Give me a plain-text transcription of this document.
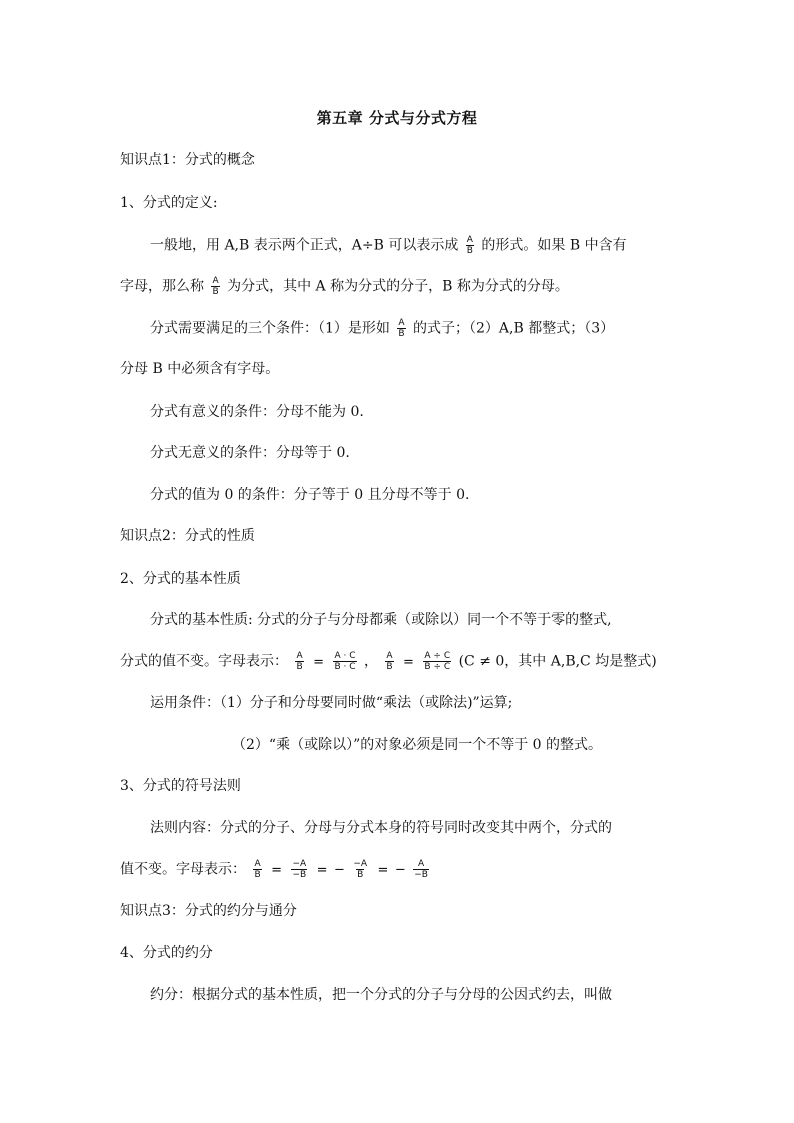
第五章 分式与分式方程
知识点1：分式的概念
1、分式的定义:
一般地，用 A,B 表示两个正式，A÷B 可以表示成 $\frac{A}{B}$ 的形式。如果 B 中含有
字母，那么称 $\frac{A}{B}$ 为分式，其中 A 称为分式的分子，B 称为分式的分母。
分式需要满足的三个条件：（1）是形如 $\frac{A}{B}$ 的式子；（2）A,B 都整式；（3）
分母 B 中必须含有字母。
分式有意义的条件：分母不能为 0.
分式无意义的条件：分母等于 0.
分式的值为 0 的条件：分子等于 0 且分母不等于 0.
知识点2：分式的性质
2、分式的基本性质
分式的基本性质: 分式的分子与分母都乘（或除以）同一个不等于零的整式,
分式的值不变。字母表示： $\frac{A}{B} = \frac{A \cdot C}{B \cdot C}$ ， $\frac{A}{B} = \frac{A \div C}{B \div C} (C \ne 0$，其中 A,B,C 均是整式)
运用条件：（1）分子和分母要同时做“乘法（或除法)”运算;
（2）“乘（或除以）”的对象必须是同一个不等于 0 的整式。
3、分式的符号法则
法则内容：分式的分子、分母与分式本身的符号同时改变其中两个，分式的
值不变。字母表示： $\frac{A}{B} = \frac{-A}{-B}$ = − $\frac{-A}{B}$ = − $\frac{A}{-B}$
知识点3：分式的约分与通分
4、分式的约分
约分：根据分式的基本性质，把一个分式的分子与分母的公因式约去，叫做
